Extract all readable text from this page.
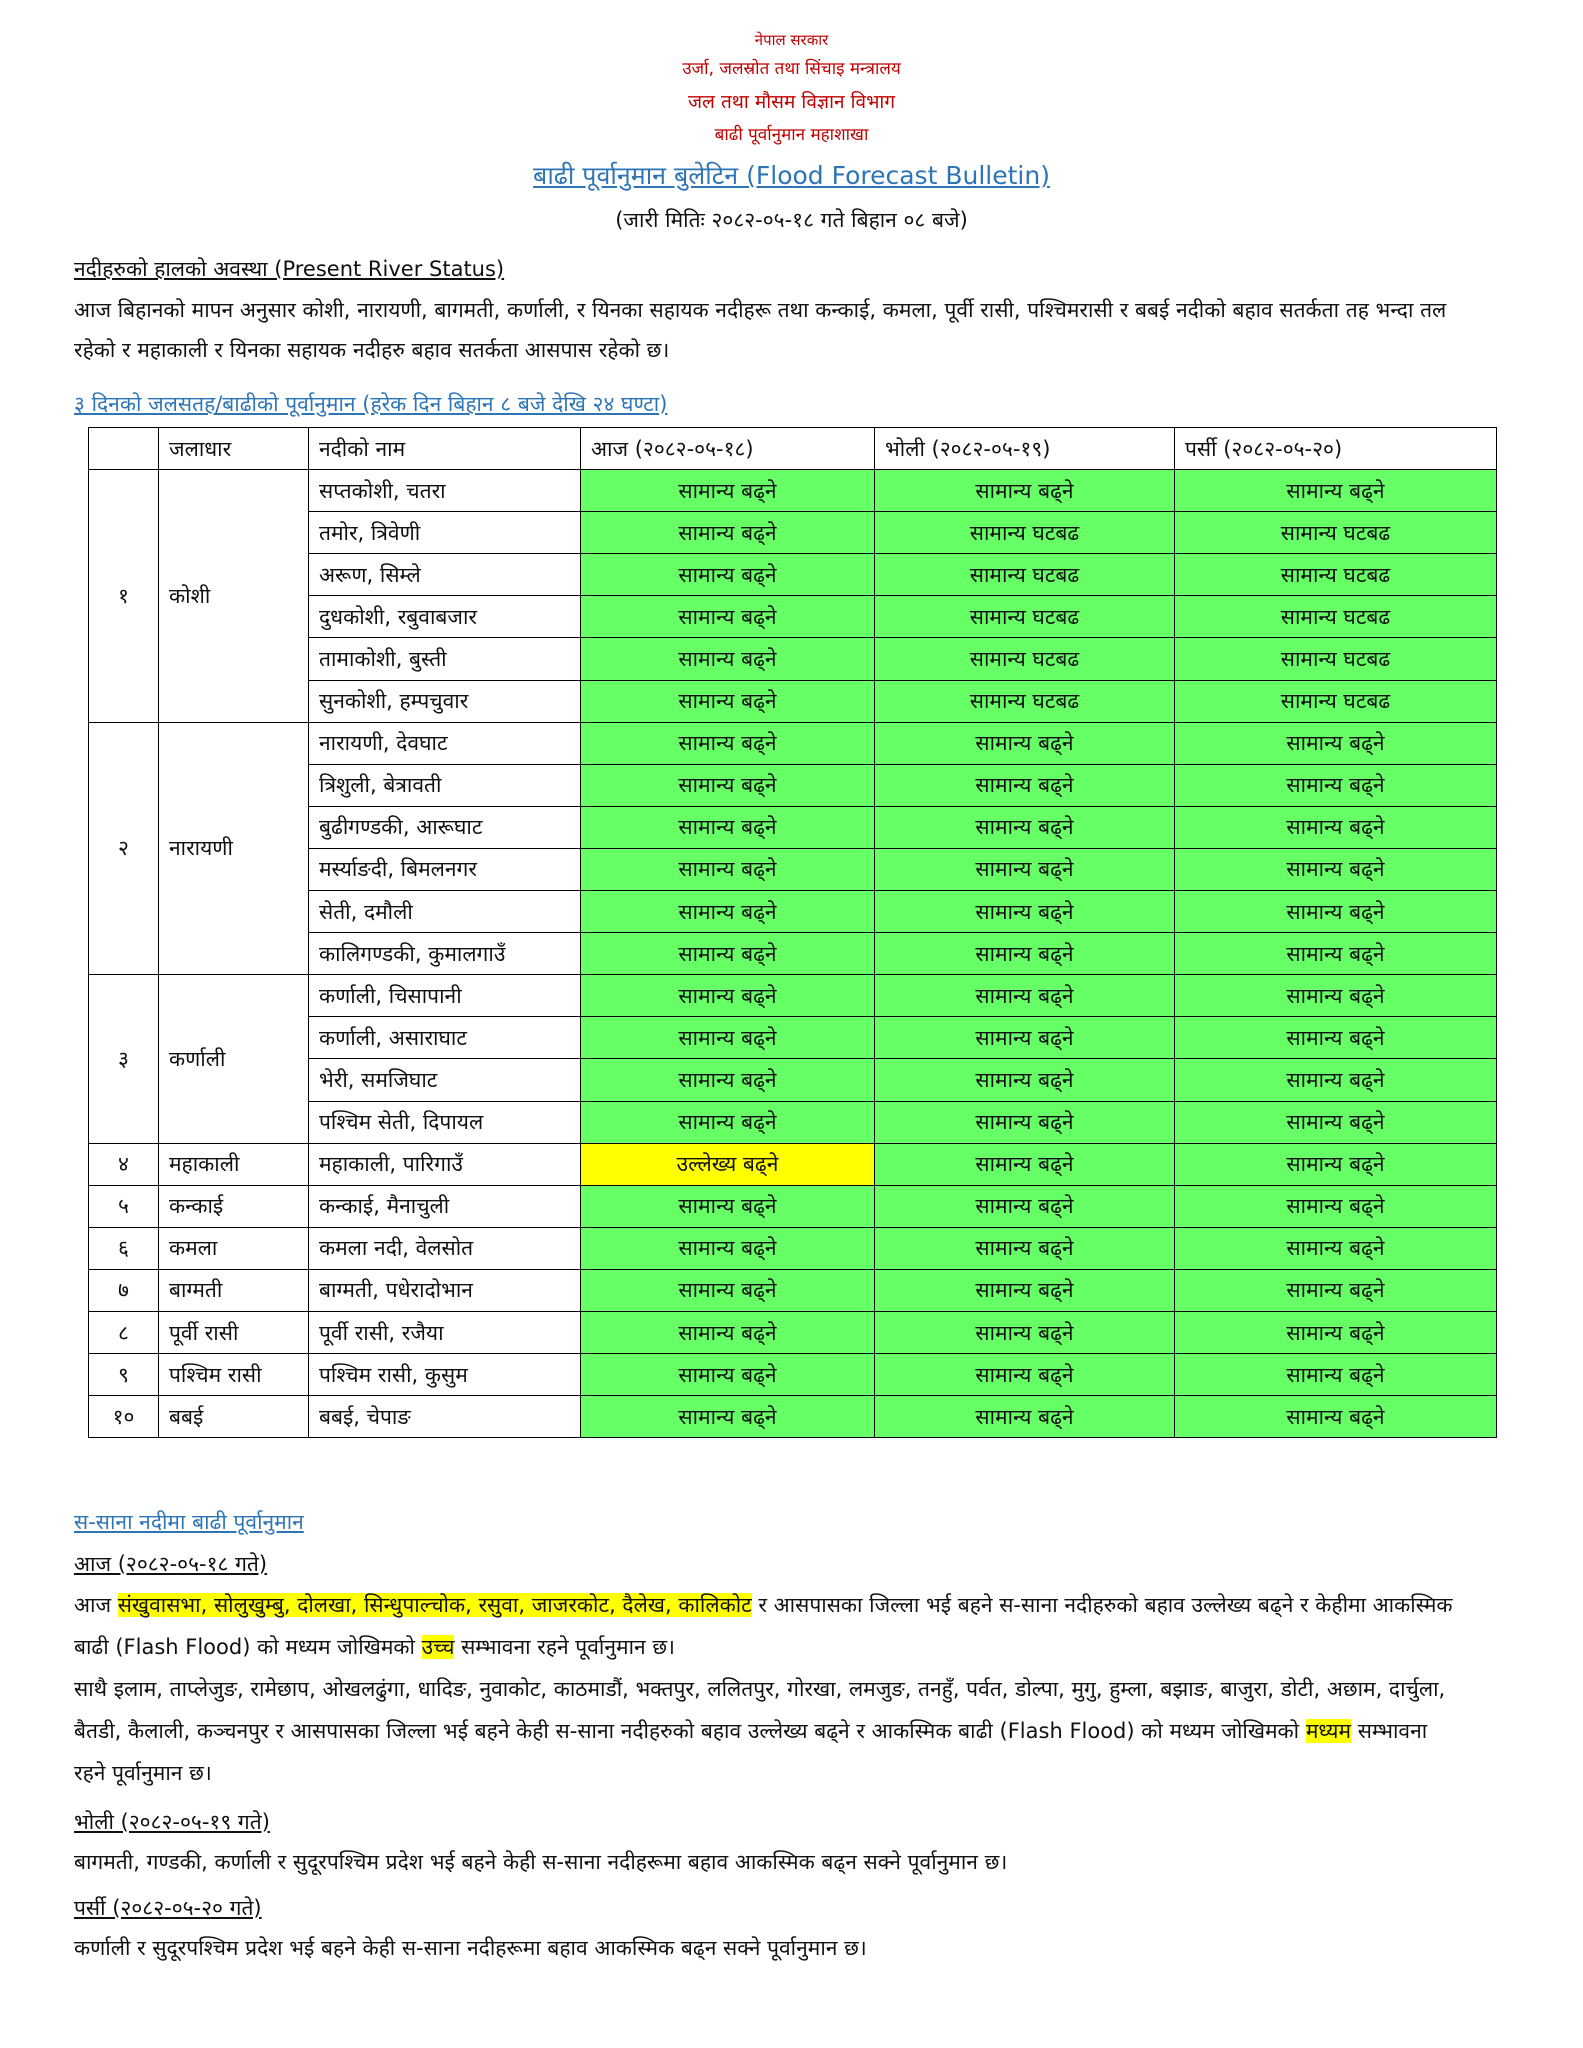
नेपाल सरकार
उर्जा, जलस्रोत तथा सिंचाइ मन्त्रालय
जल तथा मौसम विज्ञान विभाग
बाढी पूर्वानुमान महाशाखा
बाढी पूर्वानुमान बुलेटिन (Flood Forecast Bulletin)
(जारी मितिः २०८२-०५-१८ गते बिहान ०८ बजे)
नदीहरुको हालको अवस्था (Present River Status)
आज बिहानको मापन अनुसार कोशी, नारायणी, बागमती, कर्णाली, र यिनका सहायक नदीहरू तथा कन्काई, कमला, पूर्वी रासी, पश्चिमरासी र बबई नदीको बहाव सतर्कता तह भन्दा तल रहेको र महाकाली र यिनका सहायक नदीहरु बहाव सतर्कता आसपास रहेको छ।
३ दिनको जलसतह/बाढीको पूर्वानुमान (हरेक दिन बिहान ८ बजे देखि २४ घण्टा)
	जलाधार	नदीको नाम	आज (२०८२-०५-१८)	भोली (२०८२-०५-१९)	पर्सी (२०८२-०५-२०)
१	कोशी	सप्तकोशी, चतरा	सामान्य बढ्ने	सामान्य बढ्ने	सामान्य बढ्ने
		तमोर, त्रिवेणी	सामान्य बढ्ने	सामान्य घटबढ	सामान्य घटबढ
		अरूण, सिम्ले	सामान्य बढ्ने	सामान्य घटबढ	सामान्य घटबढ
		दुधकोशी, रबुवाबजार	सामान्य बढ्ने	सामान्य घटबढ	सामान्य घटबढ
		तामाकोशी, बुस्ती	सामान्य बढ्ने	सामान्य घटबढ	सामान्य घटबढ
		सुनकोशी, हम्पचुवार	सामान्य बढ्ने	सामान्य घटबढ	सामान्य घटबढ
२	नारायणी	नारायणी, देवघाट	सामान्य बढ्ने	सामान्य बढ्ने	सामान्य बढ्ने
		त्रिशुली, बेत्रावती	सामान्य बढ्ने	सामान्य बढ्ने	सामान्य बढ्ने
		बुढीगण्डकी, आरूघाट	सामान्य बढ्ने	सामान्य बढ्ने	सामान्य बढ्ने
		मर्स्याङदी, बिमलनगर	सामान्य बढ्ने	सामान्य बढ्ने	सामान्य बढ्ने
		सेती, दमौली	सामान्य बढ्ने	सामान्य बढ्ने	सामान्य बढ्ने
		कालिगण्डकी, कुमालगाउँ	सामान्य बढ्ने	सामान्य बढ्ने	सामान्य बढ्ने
३	कर्णाली	कर्णाली, चिसापानी	सामान्य बढ्ने	सामान्य बढ्ने	सामान्य बढ्ने
		कर्णाली, असाराघाट	सामान्य बढ्ने	सामान्य बढ्ने	सामान्य बढ्ने
		भेरी, समजिघाट	सामान्य बढ्ने	सामान्य बढ्ने	सामान्य बढ्ने
		पश्चिम सेती, दिपायल	सामान्य बढ्ने	सामान्य बढ्ने	सामान्य बढ्ने
४	महाकाली	महाकाली, पारिगाउँ	उल्लेख्य बढ्ने	सामान्य बढ्ने	सामान्य बढ्ने
५	कन्काई	कन्काई, मैनाचुली	सामान्य बढ्ने	सामान्य बढ्ने	सामान्य बढ्ने
६	कमला	कमला नदी, वेलसोत	सामान्य बढ्ने	सामान्य बढ्ने	सामान्य बढ्ने
७	बाग्मती	बाग्मती, पधेरादोभान	सामान्य बढ्ने	सामान्य बढ्ने	सामान्य बढ्ने
८	पूर्वी रासी	पूर्वी रासी, रजैया	सामान्य बढ्ने	सामान्य बढ्ने	सामान्य बढ्ने
९	पश्चिम रासी	पश्चिम रासी, कुसुम	सामान्य बढ्ने	सामान्य बढ्ने	सामान्य बढ्ने
१०	बबई	बबई, चेपाङ	सामान्य बढ्ने	सामान्य बढ्ने	सामान्य बढ्ने
स-साना नदीमा बाढी पूर्वानुमान
आज (२०८२-०५-१८ गते)
आज संखुवासभा, सोलुखुम्बु, दोलखा, सिन्धुपाल्चोक, रसुवा, जाजरकोट, दैलेख, कालिकोट र आसपासका जिल्ला भई बहने स-साना नदीहरुको बहाव उल्लेख्य बढ्ने र केहीमा आकस्मिक बाढी (Flash Flood) को मध्यम जोखिमको उच्च सम्भावना रहने पूर्वानुमान छ।
साथै इलाम, ताप्लेजुङ, रामेछाप, ओखलढुंगा, धादिङ, नुवाकोट, काठमाडौं, भक्तपुर, ललितपुर, गोरखा, लमजुङ, तनहुँ, पर्वत, डोल्पा, मुगु, हुम्ला, बझाङ, बाजुरा, डोटी, अछाम, दार्चुला, बैतडी, कैलाली, कञ्चनपुर र आसपासका जिल्ला भई बहने केही स-साना नदीहरुको बहाव उल्लेख्य बढ्ने र आकस्मिक बाढी (Flash Flood) को मध्यम जोखिमको मध्यम सम्भावना रहने पूर्वानुमान छ।
भोली (२०८२-०५-१९ गते)
बागमती, गण्डकी, कर्णाली र सुदूरपश्चिम प्रदेश भई बहने केही स-साना नदीहरूमा बहाव आकस्मिक बढ्न सक्ने पूर्वानुमान छ।
पर्सी (२०८२-०५-२० गते)
कर्णाली र सुदूरपश्चिम प्रदेश भई बहने केही स-साना नदीहरूमा बहाव आकस्मिक बढ्न सक्ने पूर्वानुमान छ।
